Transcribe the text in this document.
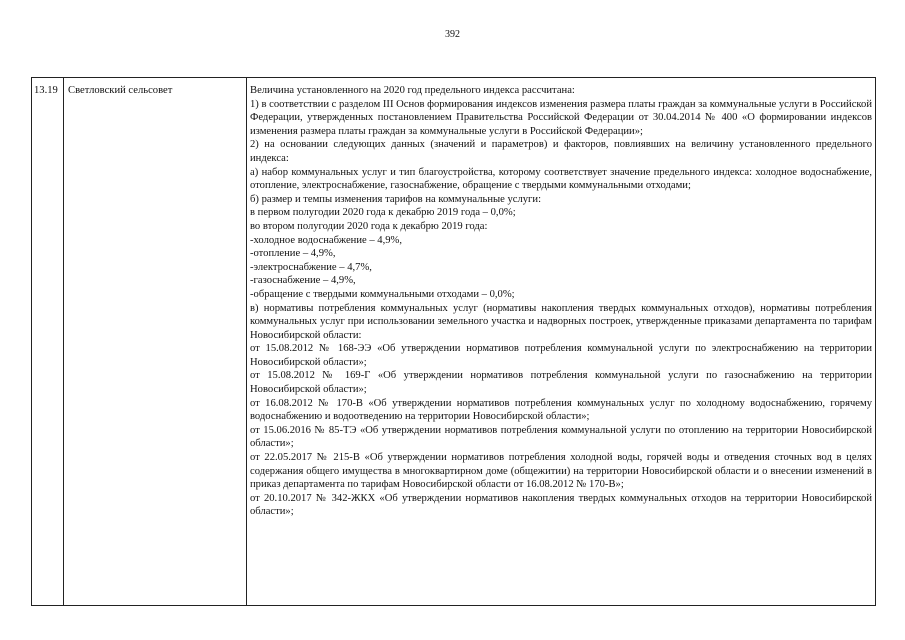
392
13.19	Светловский сельсовет	Величина установленного на 2020 год предельного индекса рассчитана:

1) в соответствии с разделом III Основ формирования индексов изменения размера платы граждан за коммунальные услуги в Российской Федерации, утвержденных постановлением Правительства Российской Федерации от 30.04.2014 № 400 «О формировании индексов изменения размера платы граждан за коммунальные услуги в Российской Федерации»;

2) на основании следующих данных (значений и параметров) и факторов, повлиявших на величину установленного предельного индекса:

а) набор коммунальных услуг и тип благоустройства, которому соответствует значение предельного индекса: холодное водоснабжение, отопление, электроснабжение, газоснабжение, обращение с твердыми коммунальными отходами;

б) размер и темпы изменения тарифов на коммунальные услуги:

в первом полугодии 2020 года к декабрю 2019 года – 0,0%;

во втором полугодии 2020 года к декабрю 2019 года:

-холодное водоснабжение – 4,9%,

-отопление – 4,9%,

-электроснабжение – 4,7%,

-газоснабжение – 4,9%,

-обращение с твердыми коммунальными отходами – 0,0%;

в) нормативы потребления коммунальных услуг (нормативы накопления твердых коммунальных отходов), нормативы потребления коммунальных услуг при использовании земельного участка и надворных построек, утвержденные приказами департамента по тарифам Новосибирской области:

от 15.08.2012 № 168-ЭЭ «Об утверждении нормативов потребления коммунальной услуги по электроснабжению на территории Новосибирской области»;

от 15.08.2012 № 169-Г «Об утверждении нормативов потребления коммунальной услуги по газоснабжению на территории Новосибирской области»;

от 16.08.2012 № 170-В «Об утверждении нормативов потребления коммунальных услуг по холодному водоснабжению, горячему водоснабжению и водоотведению на территории Новосибирской области»;

от 15.06.2016 № 85-ТЭ «Об утверждении нормативов потребления коммунальной услуги по отоплению на территории Новосибирской области»;

от 22.05.2017 № 215-В «Об утверждении нормативов потребления холодной воды, горячей воды и отведения сточных вод в целях содержания общего имущества в многоквартирном доме (общежитии) на территории Новосибирской области и о внесении изменений в приказ департамента по тарифам Новосибирской области от 16.08.2012 № 170-В»;

от 20.10.2017 № 342-ЖКХ «Об утверждении нормативов накопления твердых коммунальных отходов на территории Новосибирской области»;
